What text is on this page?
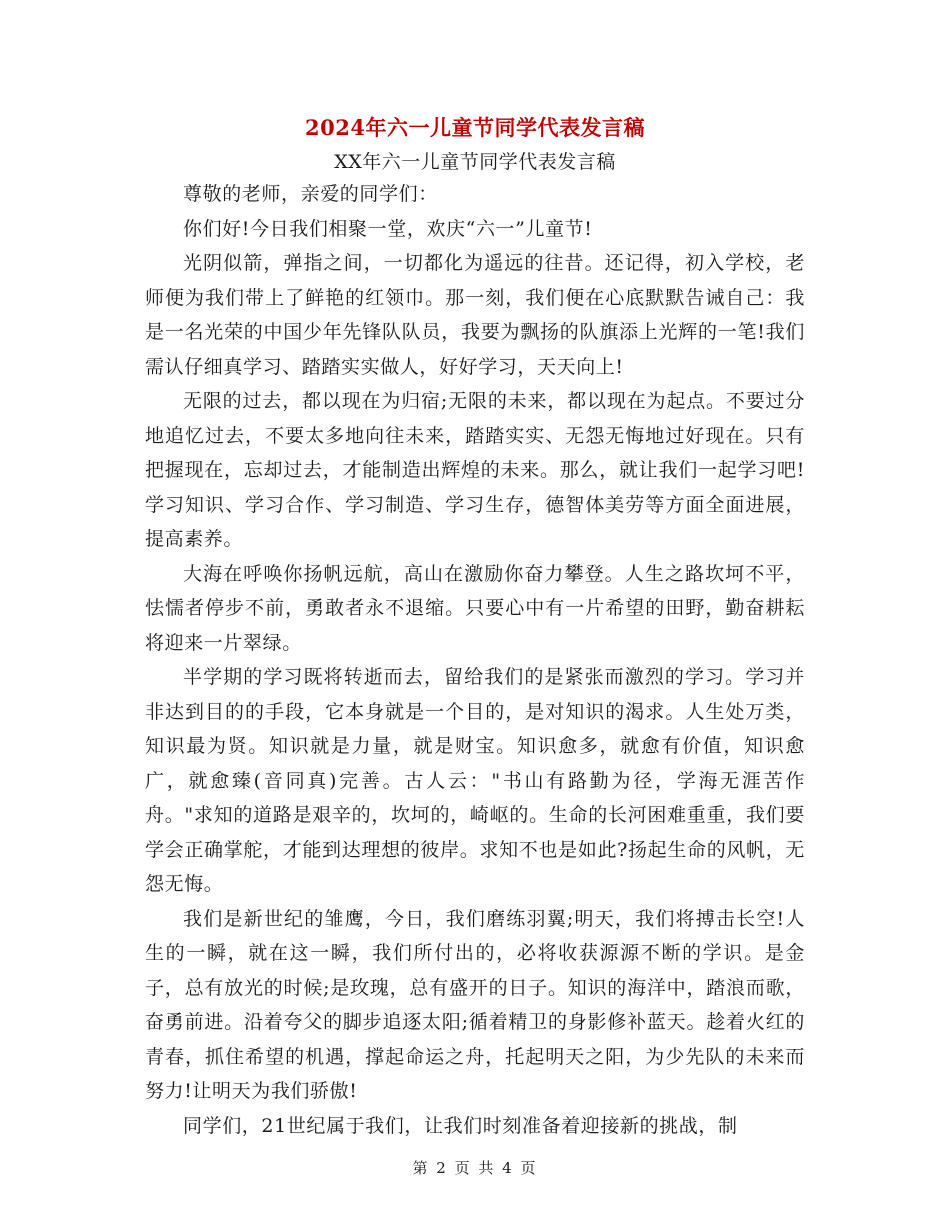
2024年六一儿童节同学代表发言稿
XX年六一儿童节同学代表发言稿

尊敬的老师，亲爱的同学们：

你们好!今日我们相聚一堂，欢庆“六一”儿童节!

光阴似箭，弹指之间，一切都化为遥远的往昔。还记得，初入学校，老师便为我们带上了鲜艳的红领巾。那一刻，我们便在心底默默告诫自己：我是一名光荣的中国少年先锋队队员，我要为飘扬的队旗添上光辉的一笔!我们需认仔细真学习、踏踏实实做人，好好学习，天天向上!

无限的过去，都以现在为归宿;无限的未来，都以现在为起点。不要过分地追忆过去，不要太多地向往未来，踏踏实实、无怨无悔地过好现在。只有把握现在，忘却过去，才能制造出辉煌的未来。那么，就让我们一起学习吧!学习知识、学习合作、学习制造、学习生存，德智体美劳等方面全面进展，提高素养。

大海在呼唤你扬帆远航，高山在激励你奋力攀登。人生之路坎坷不平，怯懦者停步不前，勇敢者永不退缩。只要心中有一片希望的田野，勤奋耕耘将迎来一片翠绿。

半学期的学习既将转逝而去，留给我们的是紧张而激烈的学习。学习并非达到目的的手段，它本身就是一个目的，是对知识的渴求。人生处万类，知识最为贤。知识就是力量，就是财宝。知识愈多，就愈有价值，知识愈广，就愈臻(音同真)完善。古人云："书山有路勤为径，学海无涯苦作舟。"求知的道路是艰辛的，坎坷的，崎岖的。生命的长河困难重重，我们要学会正确掌舵，才能到达理想的彼岸。求知不也是如此?扬起生命的风帆，无怨无悔。

我们是新世纪的雏鹰，今日，我们磨练羽翼;明天，我们将搏击长空!人生的一瞬，就在这一瞬，我们所付出的，必将收获源源不断的学识。是金子，总有放光的时候;是玫瑰，总有盛开的日子。知识的海洋中，踏浪而歌，奋勇前进。沿着夸父的脚步追逐太阳;循着精卫的身影修补蓝天。趁着火红的青春，抓住希望的机遇，撑起命运之舟，托起明天之阳，为少先队的未来而努力!让明天为我们骄傲!

同学们，21世纪属于我们，让我们时刻准备着迎接新的挑战，制

第 2 页 共 4 页
